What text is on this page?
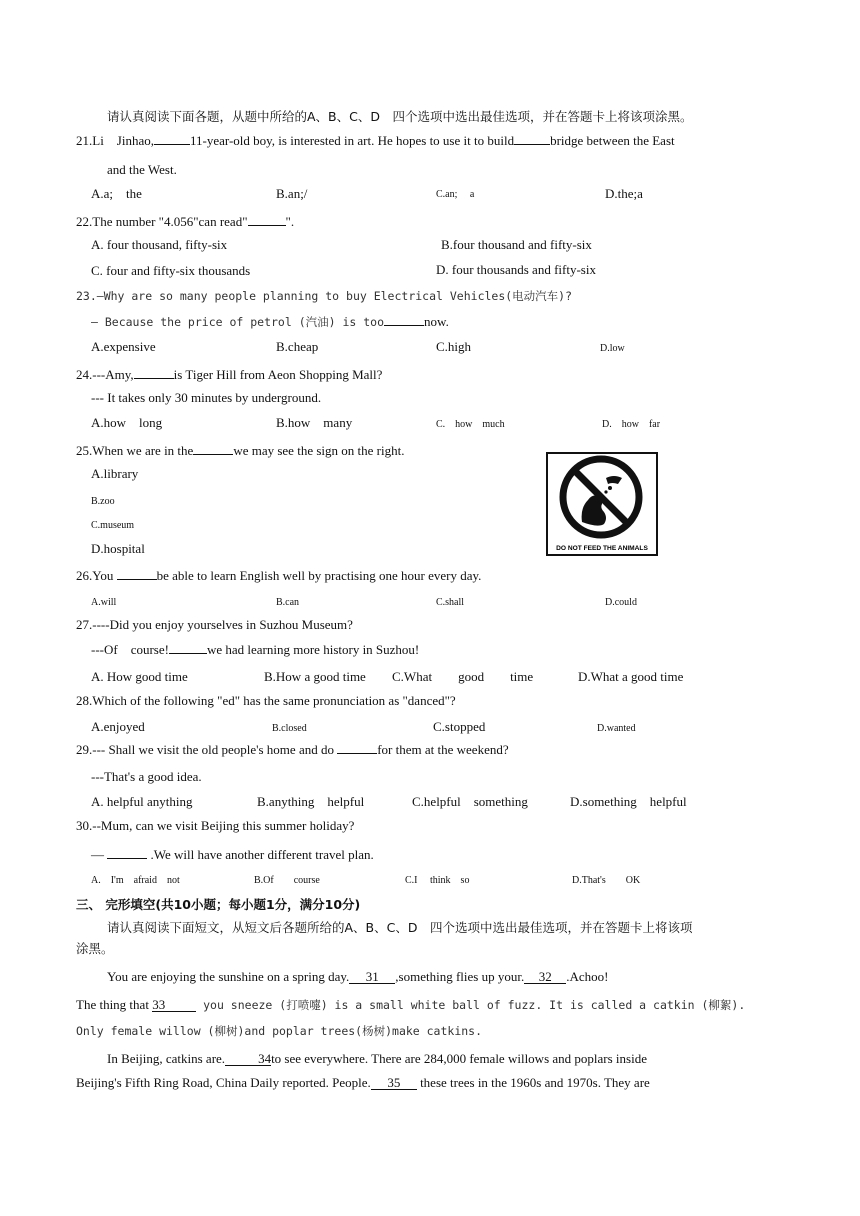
请认真阅读下面各题，从题中所给的A、B、C、D　四个选项中选出最佳选项，并在答题卡上将该项涂黑。
21.Li　Jinhao,	11-year-old boy, is interested in art. He hopes to use it to build	bridge between the East
and the West.
A.a;　the	B.an;/	C.an;　 a	D.the;a
22.The number "4.056"can read"	".
A. four thousand, fifty-six	B.four thousand and fifty-six
C. four and fifty-six thousands	D. four thousands and fifty-six
23.—Why are so many people planning to buy Electrical Vehicles(电动汽车)?
— Because the price of petrol (汽油) is too	now.
A.expensive	B.cheap	C.high	D.low
24.---Amy,	is Tiger Hill from Aeon Shopping Mall?
--- It takes only 30 minutes by underground.
A.how　long	B.how　many	C.　how　much	D.　how　far
25.When we are in the	we may see the sign on the right.
A.library
B.zoo
C.museum
D.hospital	DO NOT FEED THE ANIMALS
26.You	be able to learn English well by practising one hour every day.
A.will	B.can	C.shall	D.could
27.----Did you enjoy yourselves in Suzhou Museum?
---Of　course!	we had learning more history in Suzhou!
A. How good time	B.How a good time C.What　　good　　time	D.What a good time
28.Which of the following "ed" has the same pronunciation as "danced"?
A.enjoyed	B.closed	C.stopped	D.wanted
29.--- Shall we visit the old people's home and do	for them at the weekend?
---That's a good idea.
A. helpful anything	B.anything　helpful	C.helpful　something	D.something　helpful
30.--Mum, can we visit Beijing this summer holiday?
—	.We will have another different travel plan.
A.　I'm　afraid　not	B.Of　　course	C.I　 think　so	D.That's　　OK
三、 完形填空(共10小题；每小题1分，满分10分)
请认真阅读下面短文，从短文后各题所给的A、B、C、D　四个选项中选出最佳选项，并在答题卡上将该项
涂黑。
You are enjoying the sunshine on a spring day. 31 ,something flies up your. 32 .Achoo!
The thing that 33	you sneeze (打喷嚏) is a small white ball of fuzz. It is called a catkin (柳絮).
Only female willow (柳树)and poplar trees(杨树)make catkins.
In Beijing, catkins are.	34to see everywhere. There are 284,000 female willows and poplars inside
Beijing's Fifth Ring Road, China Daily reported. People. 35 these trees in the 1960s and 1970s. They are
